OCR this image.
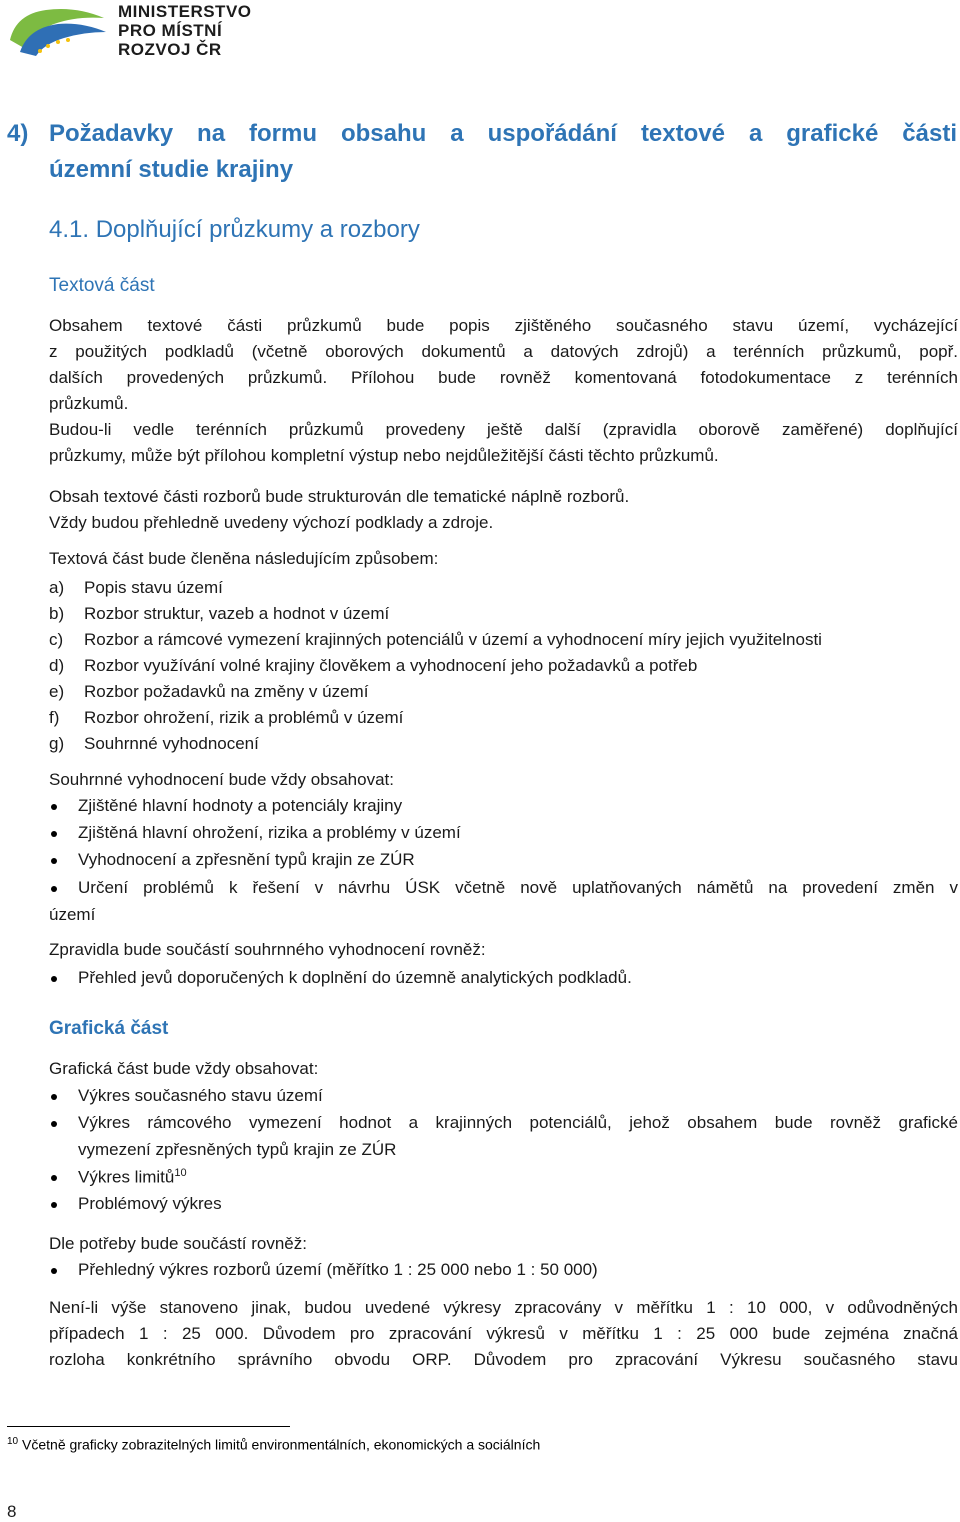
MINISTERSTVO
PRO MÍSTNÍ
ROZVOJ ČR
4) Požadavky na formu obsahu a uspořádání textové a grafické části
územní studie krajiny
4.1. Doplňující průzkumy a rozbory
Textová část
Obsahem textové části průzkumů bude popis zjištěného současného stavu území, vycházející
z použitých podkladů (včetně oborových dokumentů a datových zdrojů) a terénních průzkumů, popř.
dalších provedených průzkumů. Přílohou bude rovněž komentovaná fotodokumentace z terénních
průzkumů.
Budou-li vedle terénních průzkumů provedeny ještě další (zpravidla oborově zaměřené) doplňující
průzkumy, může být přílohou kompletní výstup nebo nejdůležitější části těchto průzkumů.
Obsah textové části rozborů bude strukturován dle tematické náplně rozborů.
Vždy budou přehledně uvedeny výchozí podklady a zdroje.
Textová část bude členěna následujícím způsobem:
a) Popis stavu území
b) Rozbor struktur, vazeb a hodnot v území
c) Rozbor a rámcové vymezení krajinných potenciálů v území a vyhodnocení míry jejich využitelnosti
d) Rozbor využívání volné krajiny člověkem a vyhodnocení jeho požadavků a potřeb
e) Rozbor požadavků na změny v území
f) Rozbor ohrožení, rizik a problémů v území
g) Souhrnné vyhodnocení
Souhrnné vyhodnocení bude vždy obsahovat:
Zjištěné hlavní hodnoty a potenciály krajiny
Zjištěná hlavní ohrožení, rizika a problémy v území
Vyhodnocení a zpřesnění typů krajin ze ZÚR
Určení problémů k řešení v návrhu ÚSK včetně nově uplatňovaných námětů na provedení změn v
území
Zpravidla bude součástí souhrnného vyhodnocení rovněž:
Přehled jevů doporučených k doplnění do územně analytických podkladů.
Grafická část
Grafická část bude vždy obsahovat:
Výkres současného stavu území
Výkres rámcového vymezení hodnot a krajinných potenciálů, jehož obsahem bude rovněž grafické
vymezení zpřesněných typů krajin ze ZÚR
Výkres limitů$^{10}$
Problémový výkres
Dle potřeby bude součástí rovněž:
Přehledný výkres rozborů území (měřítko 1 : 25 000 nebo 1 : 50 000)
Není-li výše stanoveno jinak, budou uvedené výkresy zpracovány v měřítku 1 : 10 000, v odůvodněných
případech 1 : 25 000. Důvodem pro zpracování výkresů v měřítku 1 : 25 000 bude zejména značná
rozloha konkrétního správního obvodu ORP. Důvodem pro zpracování Výkresu současného stavu
$^{10}$ Včetně graficky zobrazitelných limitů environmentálních, ekonomických a sociálních
8
